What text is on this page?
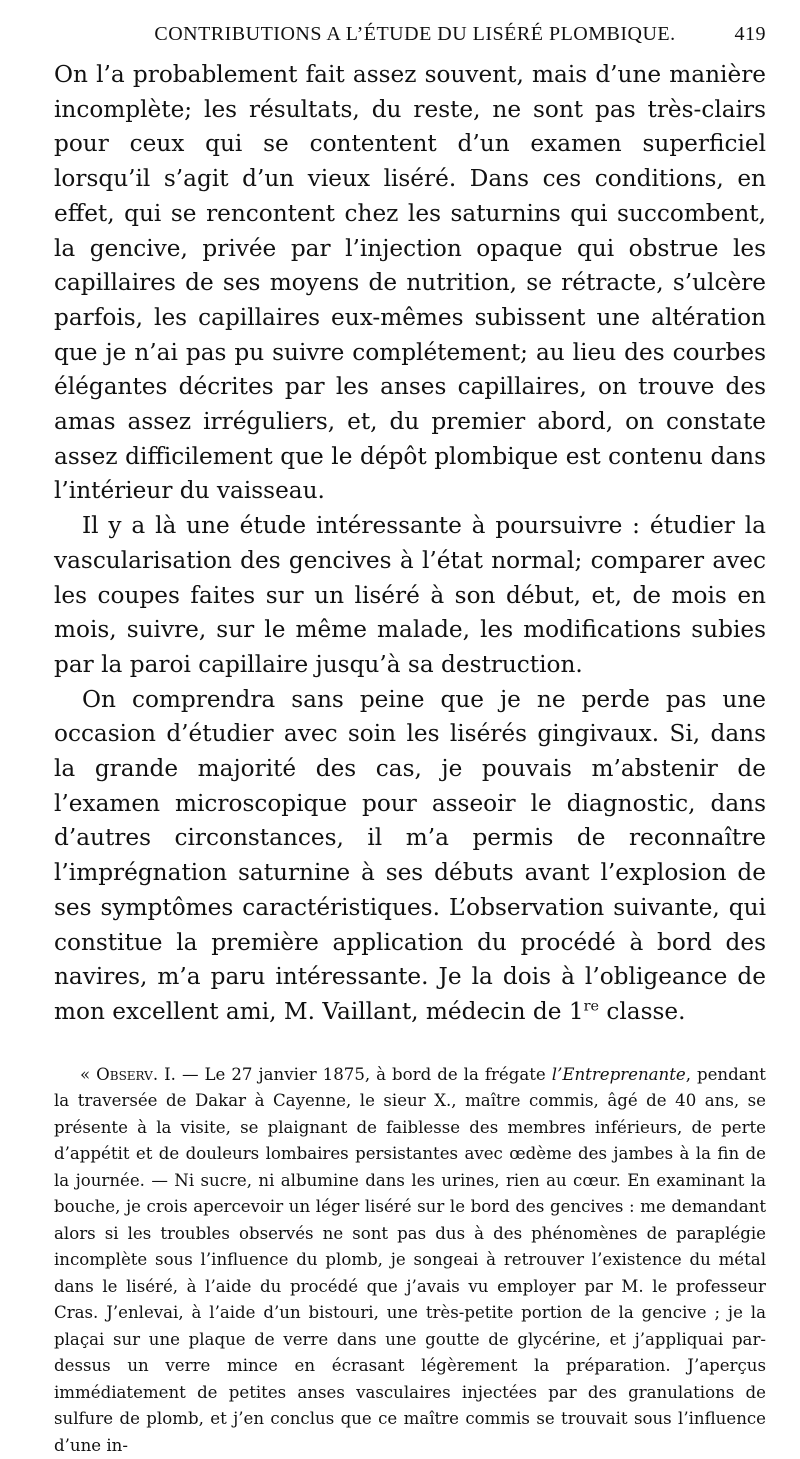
CONTRIBUTIONS A L’ÉTUDE DU LISÉRÉ PLOMBIQUE.	419

On l’a probablement fait assez souvent, mais d’une manière incomplète; les résultats, du reste, ne sont pas très-clairs pour ceux qui se contentent d’un examen superficiel lorsqu’il s’agit d’un vieux liséré. Dans ces conditions, en effet, qui se rencontent chez les saturnins qui succombent, la gencive, privée par l’injection opaque qui obstrue les capillaires de ses moyens de nutrition, se rétracte, s’ulcère parfois, les capillaires eux-mêmes subissent une altération que je n’ai pas pu suivre complétement; au lieu des courbes élégantes décrites par les anses capillaires, on trouve des amas assez irréguliers, et, du premier abord, on constate assez difficilement que le dépôt plombique est contenu dans l’intérieur du vaisseau.

Il y a là une étude intéressante à poursuivre : étudier la vascularisation des gencives à l’état normal; comparer avec les coupes faites sur un liséré à son début, et, de mois en mois, suivre, sur le même malade, les modifications subies par la paroi capillaire jusqu’à sa destruction.

On comprendra sans peine que je ne perde pas une occasion d’étudier avec soin les lisérés gingivaux. Si, dans la grande majorité des cas, je pouvais m’abstenir de l’examen microscopique pour asseoir le diagnostic, dans d’autres circonstances, il m’a permis de reconnaître l’imprégnation saturnine à ses débuts avant l’explosion de ses symptômes caractéristiques. L’observation suivante, qui constitue la première application du procédé à bord des navires, m’a paru intéressante. Je la dois à l’obligeance de mon excellent ami, M. Vaillant, médecin de 1re classe.

« Observ. I. — Le 27 janvier 1875, à bord de la frégate l’Entreprenante, pendant la traversée de Dakar à Cayenne, le sieur X., maître commis, âgé de 40 ans, se présente à la visite, se plaignant de faiblesse des membres inférieurs, de perte d’appétit et de douleurs lombaires persistantes avec œdème des jambes à la fin de la journée. — Ni sucre, ni albumine dans les urines, rien au cœur. En examinant la bouche, je crois apercevoir un léger liséré sur le bord des gencives : me demandant alors si les troubles observés ne sont pas dus à des phénomènes de paraplégie incomplète sous l’influence du plomb, je songeai à retrouver l’existence du métal dans le liséré, à l’aide du procédé que j’avais vu employer par M. le professeur Cras. J’enlevai, à l’aide d’un bistouri, une très-petite portion de la gencive ; je la plaçai sur une plaque de verre dans une goutte de glycérine, et j’appliquai par-dessus un verre mince en écrasant légèrement la préparation. J’aperçus immédiatement de petites anses vasculaires injectées par des granulations de sulfure de plomb, et j’en conclus que ce maître commis se trouvait sous l’influence d’une in-
